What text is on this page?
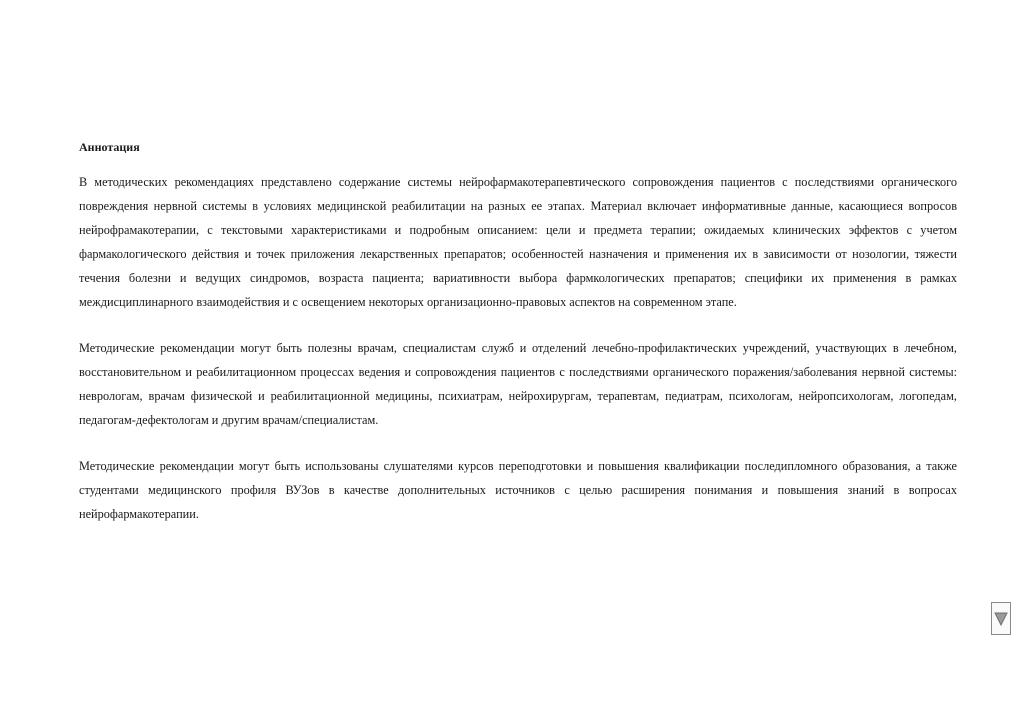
Аннотация

В методических рекомендациях представлено содержание системы нейрофармакотерапевтического сопровождения пациентов с последствиями органического повреждения нервной системы в условиях медицинской реабилитации на разных ее этапах. Материал включает информативные данные, касающиеся вопросов нейрофрамакотерапии, с текстовыми характеристиками и подробным описанием: цели и предмета терапии; ожидаемых клинических эффектов с учетом фармакологического действия и точек приложения лекарственных препаратов; особенностей назначения и применения их в зависимости от нозологии, тяжести течения болезни и ведущих синдромов, возраста пациента; вариативности выбора фармкологических препаратов; специфики их применения в рамках междисциплинарного взаимодействия и с освещением некоторых организационно-правовых аспектов на современном этапе.

Методические рекомендации могут быть полезны врачам, специалистам служб и отделений лечебно-профилактических учреждений, участвующих в лечебном, восстановительном и реабилитационном процессах ведения и сопровождения пациентов с последствиями органического поражения/заболевания нервной системы: неврологам, врачам физической и реабилитационной медицины, психиатрам, нейрохирургам, терапевтам, педиатрам, психологам, нейропсихологам, логопедам, педагогам-дефектологам и другим врачам/специалистам.

Методические рекомендации могут быть использованы слушателями курсов переподготовки и повышения квалификации последипломного образования, а также студентами медицинского профиля ВУЗов в качестве дополнительных источников с целью расширения понимания и повышения знаний в вопросах нейрофармакотерапии.
